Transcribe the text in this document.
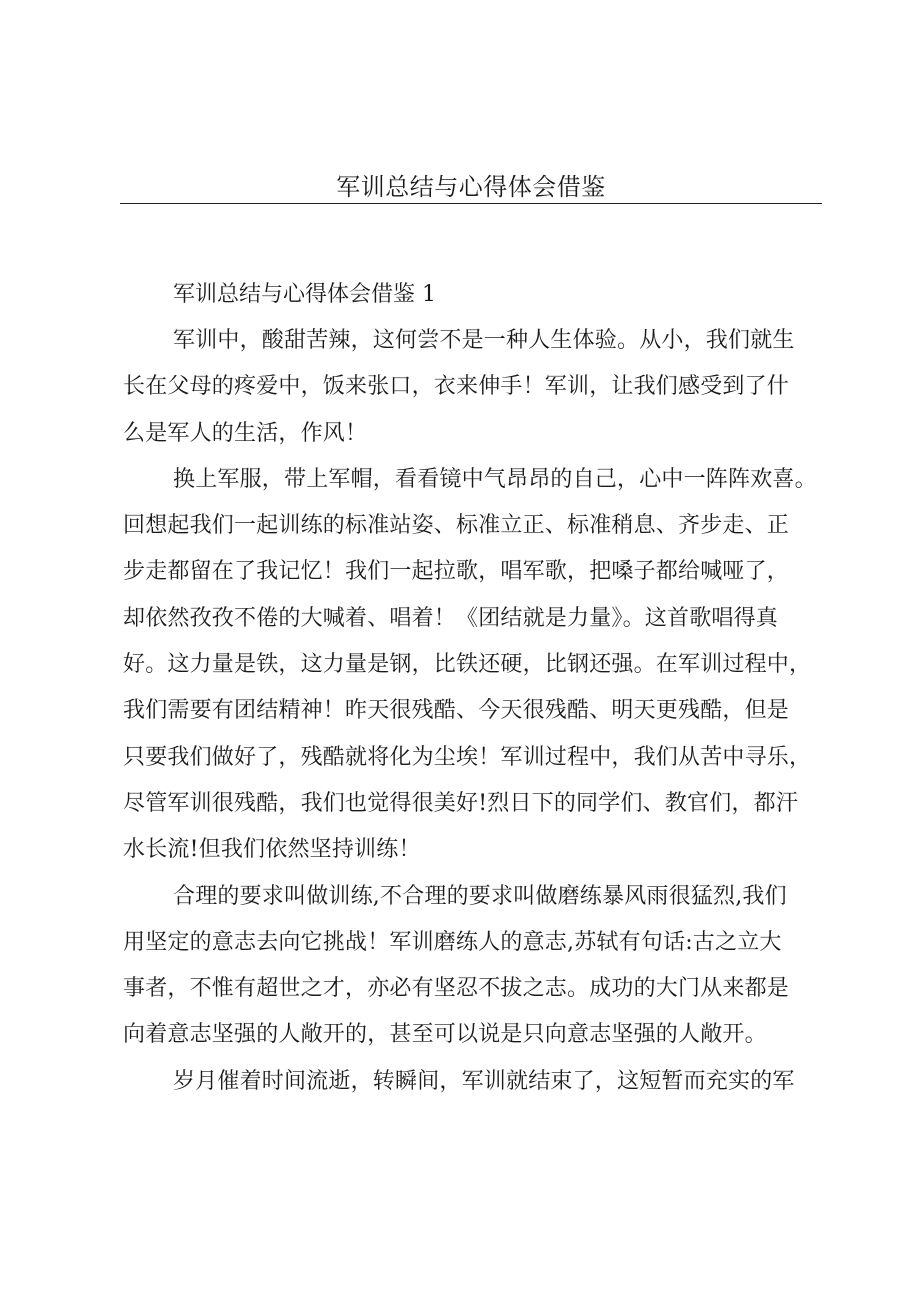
军训总结与心得体会借鉴
军训总结与心得体会借鉴 1

军训中，酸甜苦辣，这何尝不是一种人生体验。从小，我们就生
长在父母的疼爱中，饭来张口，衣来伸手！军训，让我们感受到了什
么是军人的生活，作风！

换上军服，带上军帽，看看镜中气昂昂的自己，心中一阵阵欢喜。
回想起我们一起训练的标准站姿、标准立正、标准稍息、齐步走、正
步走都留在了我记忆！我们一起拉歌，唱军歌，把嗓子都给喊哑了，
却依然孜孜不倦的大喊着、唱着！《团结就是力量》。这首歌唱得真
好。这力量是铁，这力量是钢，比铁还硬，比钢还强。在军训过程中，
我们需要有团结精神！昨天很残酷、今天很残酷、明天更残酷，但是
只要我们做好了，残酷就将化为尘埃！军训过程中，我们从苦中寻乐，
尽管军训很残酷，我们也觉得很美好!烈日下的同学们、教官们，都汗
水长流!但我们依然坚持训练！

合理的要求叫做训练,不合理的要求叫做磨练暴风雨很猛烈,我们
用坚定的意志去向它挑战！军训磨练人的意志,苏轼有句话:古之立大
事者，不惟有超世之才，亦必有坚忍不拔之志。成功的大门从来都是
向着意志坚强的人敞开的，甚至可以说是只向意志坚强的人敞开。

岁月催着时间流逝，转瞬间，军训就结束了，这短暂而充实的军
